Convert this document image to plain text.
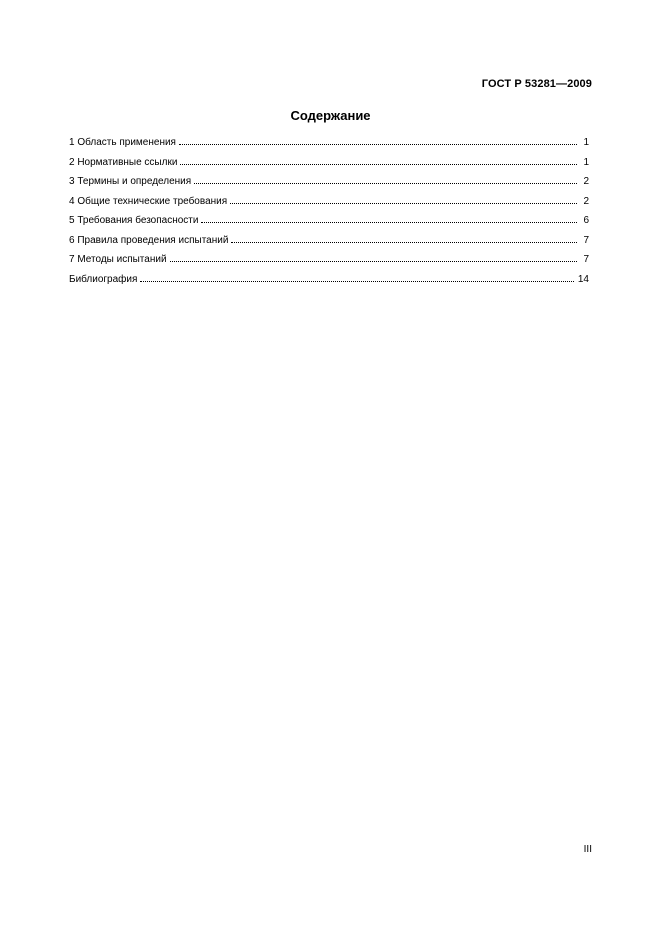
ГОСТ Р 53281—2009
Содержание
1 Область применения	1
2 Нормативные ссылки	1
3 Термины и определения	2
4 Общие технические требования	2
5 Требования безопасности	6
6 Правила проведения испытаний	7
7 Методы испытаний	7
Библиография	14
III
